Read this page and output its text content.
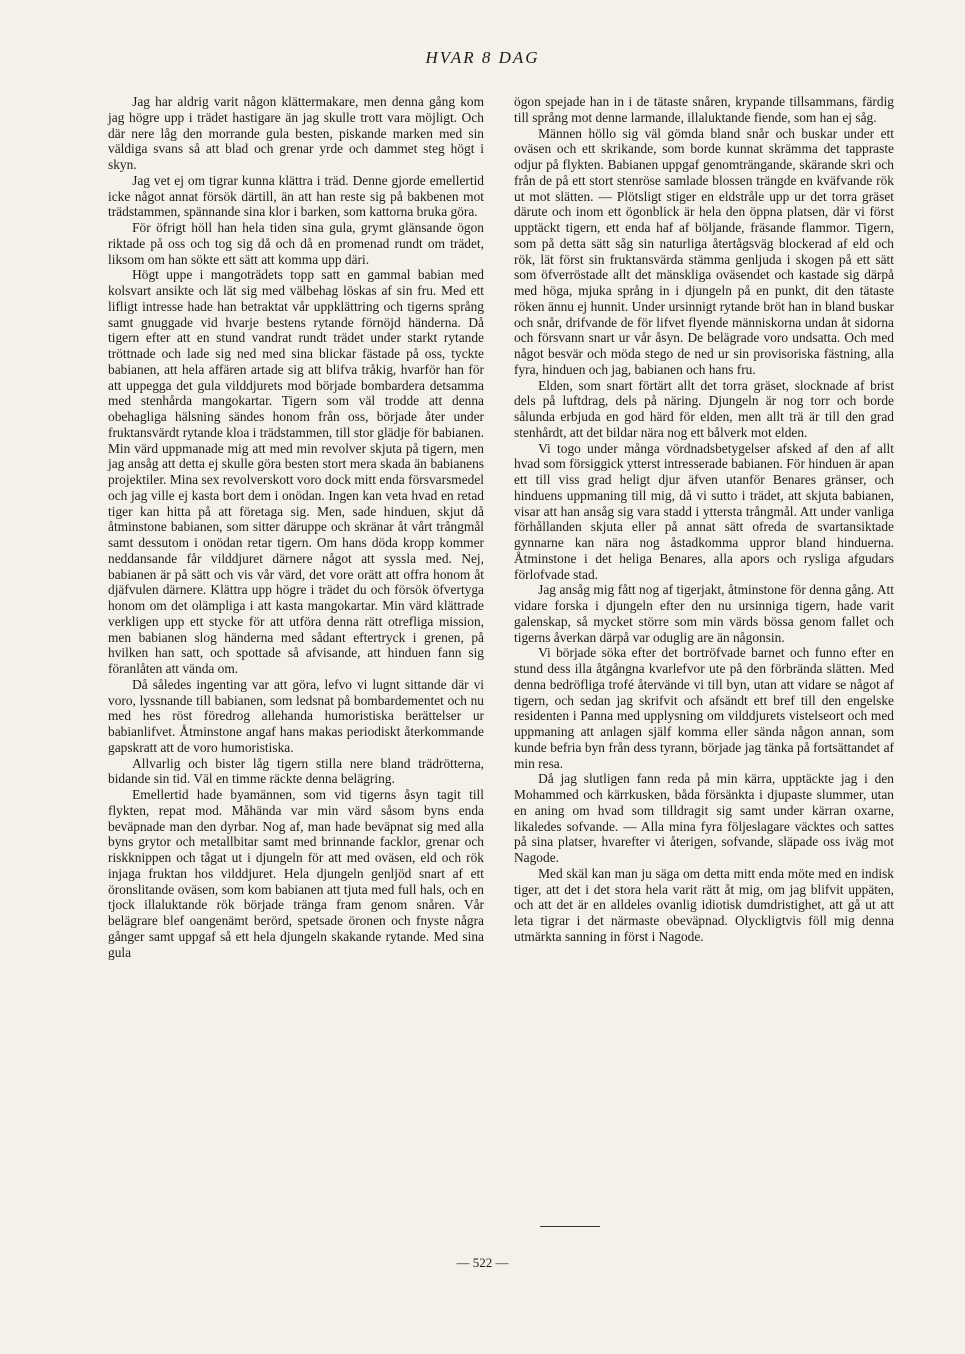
HVAR 8 DAG

Jag har aldrig varit någon klättermakare, men denna gång kom jag högre upp i trädet hastigare än jag skulle trott vara möjligt. Och där nere låg den morrande gula besten, piskande marken med sin väldiga svans så att blad och grenar yrde och dammet steg högt i skyn.

Jag vet ej om tigrar kunna klättra i träd. Denne gjorde emellertid icke något annat försök därtill, än att han reste sig på bakbenen mot trädstammen, spännande sina klor i barken, som kattorna bruka göra.

För öfrigt höll han hela tiden sina gula, grymt glänsande ögon riktade på oss och tog sig då och då en promenad rundt om trädet, liksom om han sökte ett sätt att komma upp däri.

Högt uppe i mangoträdets topp satt en gammal babian med kolsvart ansikte och lät sig med välbehag löskas af sin fru. Med ett lifligt intresse hade han betraktat vår uppklättring och tigerns språng samt gnuggade vid hvarje bestens rytande förnöjd händerna. Då tigern efter att en stund vandrat rundt trädet under starkt rytande tröttnade och lade sig ned med sina blickar fästade på oss, tyckte babianen, att hela affären artade sig att blifva tråkig, hvarför han för att uppegga det gula vilddjurets mod började bombardera detsamma med stenhårda mangokartar. Tigern som väl trodde att denna obehagliga hälsning sändes honom från oss, började åter under fruktansvärdt rytande kloa i trädstammen, till stor glädje för babianen. Min värd uppmanade mig att med min revolver skjuta på tigern, men jag ansåg att detta ej skulle göra besten stort mera skada än babianens projektiler. Mina sex revolverskott voro dock mitt enda försvarsmedel och jag ville ej kasta bort dem i onödan. Ingen kan veta hvad en retad tiger kan hitta på att företaga sig. Men, sade hinduen, skjut då åtminstone babianen, som sitter däruppe och skränar åt vårt trångmål samt dessutom i onödan retar tigern. Om hans döda kropp kommer neddansande får vilddjuret därnere något att syssla med. Nej, babianen är på sätt och vis vår värd, det vore orätt att offra honom åt djäfvulen därnere. Klättra upp högre i trädet du och försök öfvertyga honom om det olämpliga i att kasta mangokartar. Min värd klättrade verkligen upp ett stycke för att utföra denna rätt otrefliga mission, men babianen slog händerna med sådant eftertryck i grenen, på hvilken han satt, och spottade så afvisande, att hinduen fann sig föranlåten att vända om.

Då således ingenting var att göra, lefvo vi lugnt sittande där vi voro, lyssnande till babianen, som ledsnat på bombardementet och nu med hes röst föredrog allehanda humoristiska berättelser ur babianlifvet. Åtminstone angaf hans makas periodiskt återkommande gapskratt att de voro humoristiska.

Allvarlig och bister låg tigern stilla nere bland trädrötterna, bidande sin tid. Väl en timme räckte denna belägring.

Emellertid hade byamännen, som vid tigerns åsyn tagit till flykten, repat mod. Måhända var min värd såsom byns enda beväpnade man den dyrbar. Nog af, man hade beväpnat sig med alla byns grytor och metallbitar samt med brinnande facklor, grenar och riskknippen och tågat ut i djungeln för att med oväsen, eld och rök injaga fruktan hos vilddjuret. Hela djungeln genljöd snart af ett öronslitande oväsen, som kom babianen att tjuta med full hals, och en tjock illaluktande rök började tränga fram genom snåren. Vår belägrare blef oangenämt berörd, spetsade öronen och fnyste några gånger samt uppgaf så ett hela djungeln skakande rytande. Med sina gula

ögon spejade han in i de tätaste snåren, krypande tillsammans, färdig till språng mot denne larmande, illaluktande fiende, som han ej såg.

Männen höllo sig väl gömda bland snår och buskar under ett oväsen och ett skrikande, som borde kunnat skrämma det tappraste odjur på flykten. Babianen uppgaf genomträngande, skärande skri och från de på ett stort stenröse samlade blossen trängde en kväfvande rök ut mot slätten. — Plötsligt stiger en eldstråle upp ur det torra gräset därute och inom ett ögonblick är hela den öppna platsen, där vi först upptäckt tigern, ett enda haf af böljande, fräsande flammor. Tigern, som på detta sätt såg sin naturliga återtågsväg blockerad af eld och rök, lät först sin fruktansvärda stämma genljuda i skogen på ett sätt som öfverröstade allt det mänskliga oväsendet och kastade sig därpå med höga, mjuka språng in i djungeln på en punkt, dit den tätaste röken ännu ej hunnit. Under ursinnigt rytande bröt han in bland buskar och snår, drifvande de för lifvet flyende människorna undan åt sidorna och försvann snart ur vår åsyn. De belägrade voro undsatta. Och med något besvär och möda stego de ned ur sin provisoriska fästning, alla fyra, hinduen och jag, babianen och hans fru.

Elden, som snart förtärt allt det torra gräset, slocknade af brist dels på luftdrag, dels på näring. Djungeln är nog torr och borde sålunda erbjuda en god härd för elden, men allt trä är till den grad stenhårdt, att det bildar nära nog ett bålverk mot elden.

Vi togo under många vördnadsbetygelser afsked af den af allt hvad som försiggick ytterst intresserade babianen. För hinduen är apan ett till viss grad heligt djur äfven utanför Benares gränser, och hinduens uppmaning till mig, då vi sutto i trädet, att skjuta babianen, visar att han ansåg sig vara stadd i yttersta trångmål. Att under vanliga förhållanden skjuta eller på annat sätt ofreda de svartansiktade gynnarne kan nära nog åstadkomma uppror bland hinduerna. Åtminstone i det heliga Benares, alla apors och rysliga afgudars förlofvade stad.

Jag ansåg mig fått nog af tigerjakt, åtminstone för denna gång. Att vidare forska i djungeln efter den nu ursinniga tigern, hade varit galenskap, så mycket större som min värds bössa genom fallet och tigerns åverkan därpå var oduglig are än någonsin.

Vi började söka efter det bortröfvade barnet och funno efter en stund dess illa åtgångna kvarlefvor ute på den förbrända slätten. Med denna bedröfliga trofé återvände vi till byn, utan att vidare se något af tigern, och sedan jag skrifvit och afsändt ett bref till den engelske residenten i Panna med upplysning om vilddjurets vistelseort och med uppmaning att anlagen själf komma eller sända någon annan, som kunde befria byn från dess tyrann, började jag tänka på fortsättandet af min resa.

Då jag slutligen fann reda på min kärra, upptäckte jag i den Mohammed och kärrkusken, båda försänkta i djupaste slummer, utan en aning om hvad som tilldragit sig samt under kärran oxarne, likaledes sofvande. — Alla mina fyra följeslagare väcktes och sattes på sina platser, hvarefter vi återigen, sofvande, släpade oss iväg mot Nagode.

Med skäl kan man ju säga om detta mitt enda möte med en indisk tiger, att det i det stora hela varit rätt åt mig, om jag blifvit uppäten, och att det är en alldeles ovanlig idiotisk dumdristighet, att gå ut att leta tigrar i det närmaste obeväpnad. Olyckligtvis föll mig denna utmärkta sanning in först i Nagode.

— 522 —
